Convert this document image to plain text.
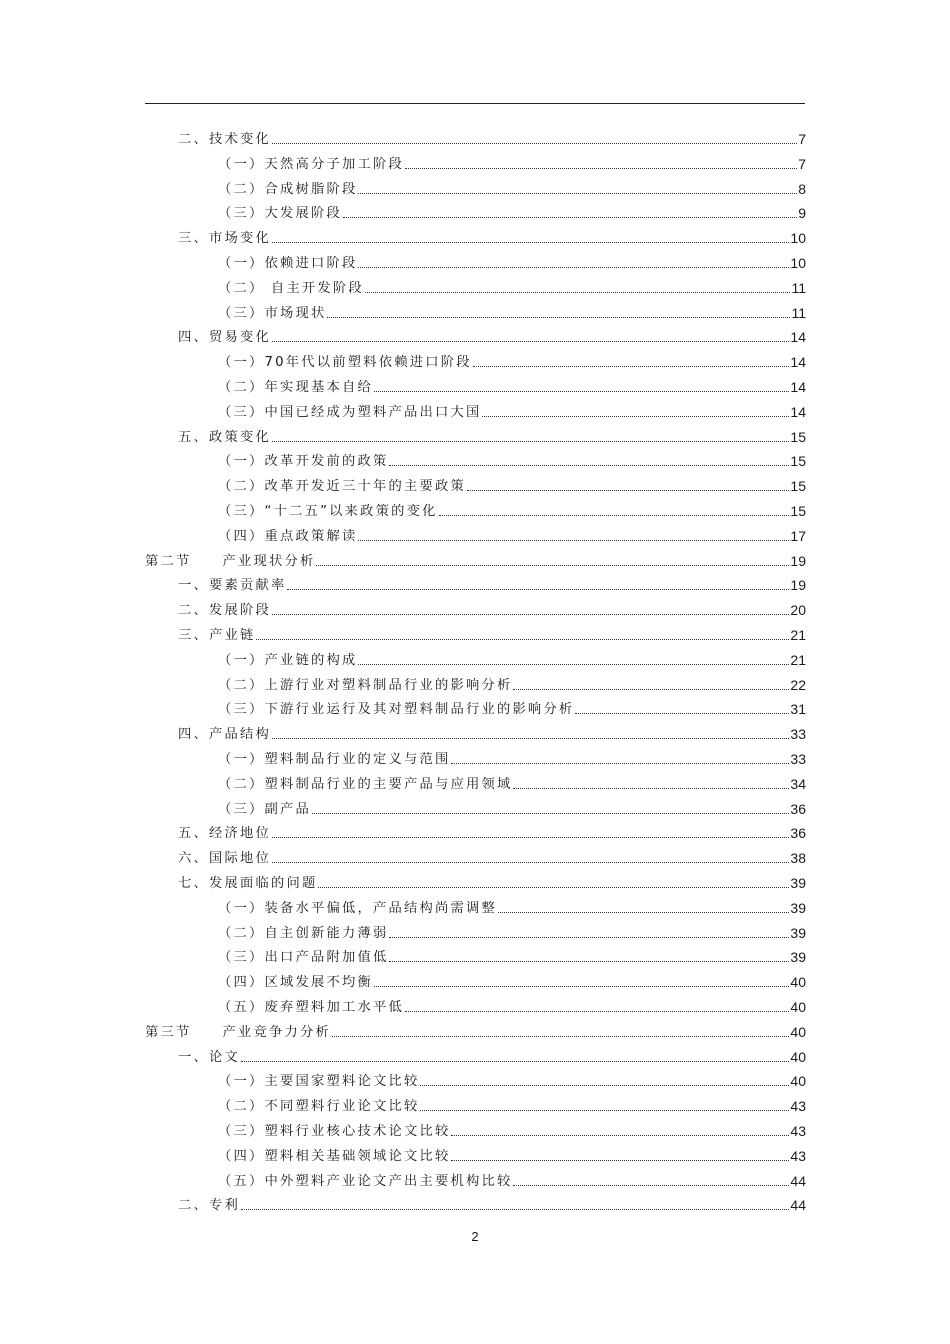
二、技术变化	7
（一）天然高分子加工阶段	7
（二）合成树脂阶段	8
（三）大发展阶段	9
三、市场变化	10
（一）依赖进口阶段	10
（二） 自主开发阶段	11
（三）市场现状	11
四、贸易变化	14
（一）70年代以前塑料依赖进口阶段	14
（二）年实现基本自给	14
（三）中国已经成为塑料产品出口大国	14
五、政策变化	15
（一）改革开发前的政策	15
（二）改革开发近三十年的主要政策	15
（三）“十二五”以来政策的变化	15
（四）重点政策解读	17
第二节　　产业现状分析	19
一、要素贡献率	19
二、发展阶段	20
三、产业链	21
（一）产业链的构成	21
（二）上游行业对塑料制品行业的影响分析	22
（三）下游行业运行及其对塑料制品行业的影响分析	31
四、产品结构	33
（一）塑料制品行业的定义与范围	33
（二）塑料制品行业的主要产品与应用领域	34
（三）副产品	36
五、经济地位	36
六、国际地位	38
七、发展面临的问题	39
（一）装备水平偏低，产品结构尚需调整	39
（二）自主创新能力薄弱	39
（三）出口产品附加值低	39
（四）区域发展不均衡	40
（五）废弃塑料加工水平低	40
第三节　　产业竞争力分析	40
一、论文	40
（一）主要国家塑料论文比较	40
（二）不同塑料行业论文比较	43
（三）塑料行业核心技术论文比较	43
（四）塑料相关基础领域论文比较	43
（五）中外塑料产业论文产出主要机构比较	44
二、专利	44
2
